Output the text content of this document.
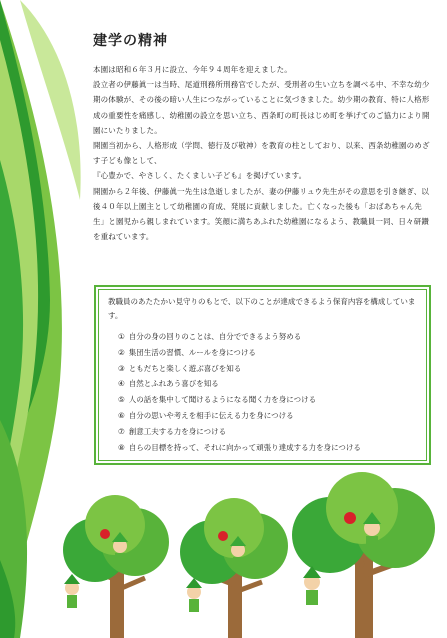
建学の精神

本園は昭和６年３月に設立、今年９４周年を迎えました。

設立者の伊藤眞一は当時、尾道刑務所刑務官でしたが、受刑者の生い立ちを調べる中、不幸な幼少期の体験が、その後の暗い人生につながっていることに気づきました。幼少期の教育、特に人格形成の重要性を痛感し、幼稚園の設立を思い立ち、西条町の町長はじめ町を挙げてのご協力により開園にいたりました。

開園当初から、人格形成（学問、徳行及び敬神）を教育の柱としており、以来、西条幼稚園のめざす子ども像として、

『心豊かで、やさしく、たくましい子ども』を掲げています。

開園から２年後、伊藤眞一先生は急逝しましたが、妻の伊藤リュウ先生がその意思を引き継ぎ、以後４０年以上園主として幼稚園の育成、発展に貢献しました。亡くなった後も「おばあちゃん先生」と園児から親しまれています。笑顔に満ちあふれた幼稚園になるよう、教職員一同、日々研鑽を重ねています。

教職員のあたたかい見守りのもとで、以下のことが達成できるよう保育内容を構成しています。

① 自分の身の回りのことは、自分でできるよう努める
② 集団生活の習慣、ルールを身につける
③ ともだちと楽しく遊ぶ喜びを知る
④ 自然とふれあう喜びを知る
⑤ 人の話を集中して聞けるようになる聞く力を身につける
⑥ 自分の思いや考えを相手に伝える力を身につける
⑦ 創意工夫する力を身につける
⑧ 自らの目標を持って、それに向かって頑張り達成する力を身につける
